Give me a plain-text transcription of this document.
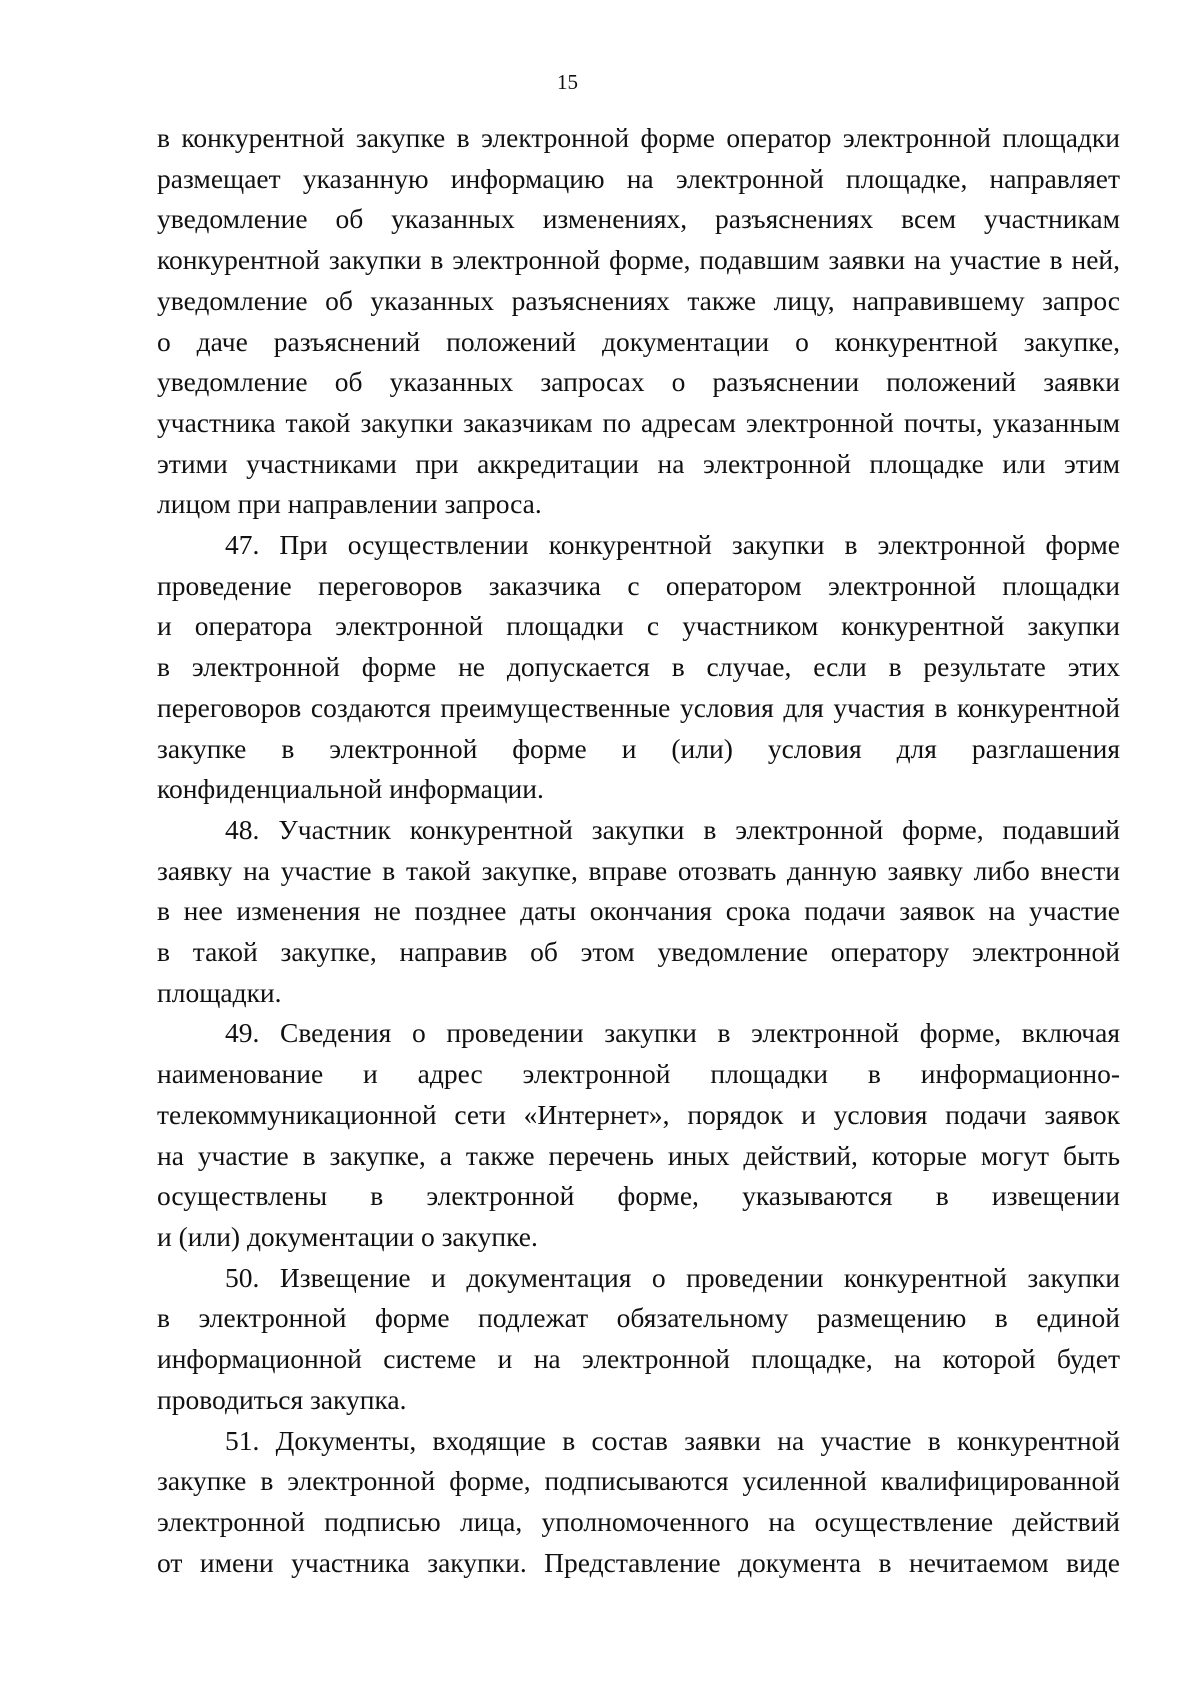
15
в конкурентной закупке в электронной форме оператор электронной площадки
размещает указанную информацию на электронной площадке, направляет
уведомление об указанных изменениях, разъяснениях всем участникам
конкурентной закупки в электронной форме, подавшим заявки на участие в ней,
уведомление об указанных разъяснениях также лицу, направившему запрос
о даче разъяснений положений документации о конкурентной закупке,
уведомление об указанных запросах о разъяснении положений заявки
участника такой закупки заказчикам по адресам электронной почты, указанным
этими участниками при аккредитации на электронной площадке или этим
лицом при направлении запроса.
47. При осуществлении конкурентной закупки в электронной форме
проведение переговоров заказчика с оператором электронной площадки
и оператора электронной площадки с участником конкурентной закупки
в электронной форме не допускается в случае, если в результате этих
переговоров создаются преимущественные условия для участия в конкурентной
закупке в электронной форме и (или) условия для разглашения
конфиденциальной информации.
48. Участник конкурентной закупки в электронной форме, подавший
заявку на участие в такой закупке, вправе отозвать данную заявку либо внести
в нее изменения не позднее даты окончания срока подачи заявок на участие
в такой закупке, направив об этом уведомление оператору электронной
площадки.
49. Сведения о проведении закупки в электронной форме, включая
наименование и адрес электронной площадки в информационно-
телекоммуникационной сети «Интернет», порядок и условия подачи заявок
на участие в закупке, а также перечень иных действий, которые могут быть
осуществлены в электронной форме, указываются в извещении
и (или) документации о закупке.
50. Извещение и документация о проведении конкурентной закупки
в электронной форме подлежат обязательному размещению в единой
информационной системе и на электронной площадке, на которой будет
проводиться закупка.
51. Документы, входящие в состав заявки на участие в конкурентной
закупке в электронной форме, подписываются усиленной квалифицированной
электронной подписью лица, уполномоченного на осуществление действий
от имени участника закупки. Представление документа в нечитаемом виде
